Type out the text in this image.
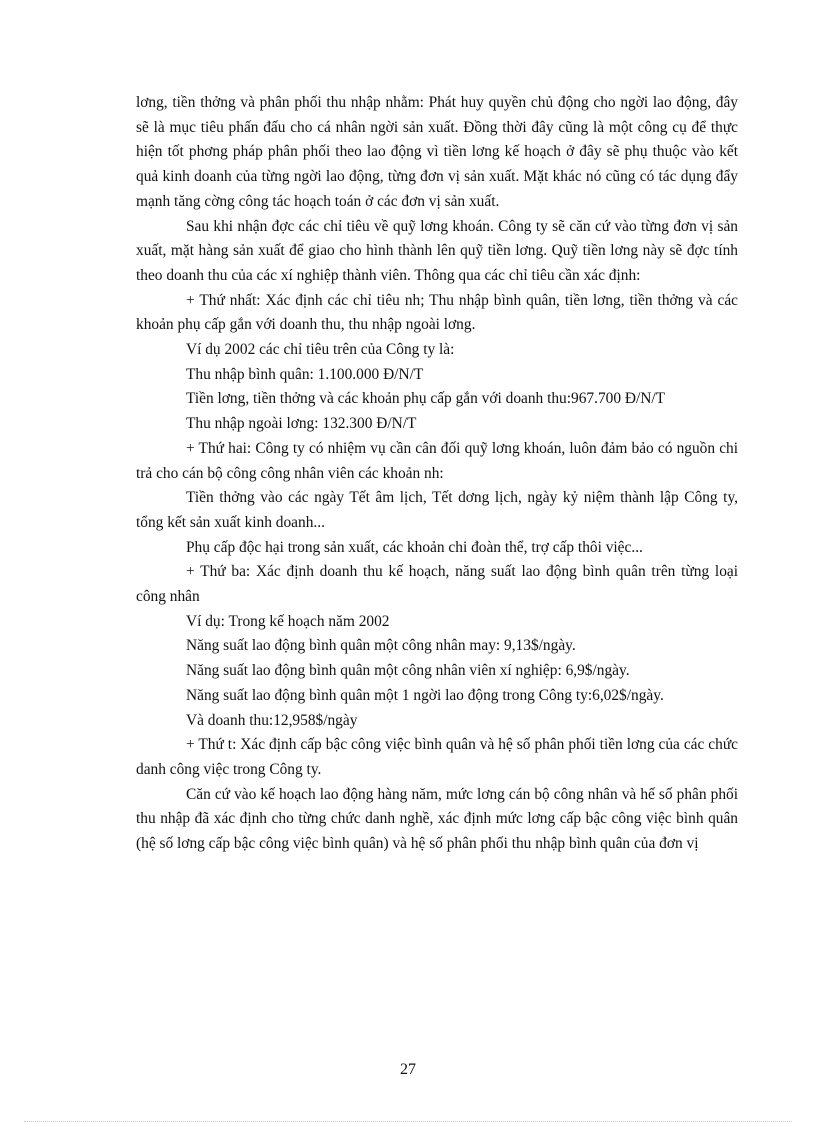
lơng, tiền thởng và phân phối thu nhập nhằm: Phát huy quyền chủ động cho ngời lao động, đây sẽ là mục tiêu phấn đấu cho cá nhân ngời sản xuất. Đồng thời đây cũng là một công cụ để thực hiện tốt phơng pháp phân phối theo lao động vì tiền lơng kế hoạch ở đây sẽ phụ thuộc vào kết quả kinh doanh của từng ngời lao động, từng đơn vị sản xuất. Mặt khác nó cũng có tác dụng đẩy mạnh tăng cờng công tác hoạch toán ở các đơn vị sản xuất.

Sau khi nhận đợc các chỉ tiêu về quỹ lơng khoán. Công ty sẽ căn cứ vào từng đơn vị sản xuất, mặt hàng sản xuất để giao cho hình thành lên quỹ tiền lơng. Quỹ tiền lơng này sẽ đợc tính theo doanh thu của các xí nghiệp thành viên. Thông qua các chỉ tiêu cần xác định:

+ Thứ nhất: Xác định các chỉ tiêu nh; Thu nhập bình quân, tiền lơng, tiền thởng và các khoản phụ cấp gắn với doanh thu, thu nhập ngoài lơng.

Ví dụ 2002 các chỉ tiêu trên của Công ty là:

Thu nhập bình quân: 1.100.000 Đ/N/T

Tiền lơng, tiền thởng và các khoản phụ cấp gắn với doanh thu:967.700 Đ/N/T

Thu nhập ngoài lơng: 132.300 Đ/N/T

+ Thứ hai: Công ty có nhiệm vụ cần cân đối quỹ lơng khoán, luôn đảm bảo có nguồn chi trả cho cán bộ công công nhân viên các khoản nh:

Tiền thởng vào các ngày Tết âm lịch, Tết dơng lịch, ngày kỷ niệm thành lập Công ty, tổng kết sản xuất kinh doanh...

Phụ cấp độc hại trong sản xuất, các khoản chi đoàn thể, trợ cấp thôi việc...

+ Thứ ba: Xác định doanh thu kế hoạch, năng suất lao động bình quân trên từng loại công nhân

Ví dụ: Trong kế hoạch năm 2002

Năng suất lao động bình quân một công nhân may: 9,13$/ngày.

Năng suất lao động bình quân một công nhân viên xí nghiệp: 6,9$/ngày.

Năng suất lao động bình quân một 1 ngời lao động trong Công ty:6,02$/ngày.

Và doanh thu:12,958$/ngày

+ Thứ t: Xác định cấp bậc công việc bình quân và hệ số phân phối tiền lơng của các chức danh công việc trong Công ty.

Căn cứ vào kế hoạch lao động hàng năm, mức lơng cán bộ công nhân và hế số phân phối thu nhập đã xác định cho từng chức danh nghề, xác định mức lơng cấp bậc công việc bình quân (hệ số lơng cấp bậc công việc bình quân) và hệ số phân phối thu nhập bình quân của đơn vị

27
